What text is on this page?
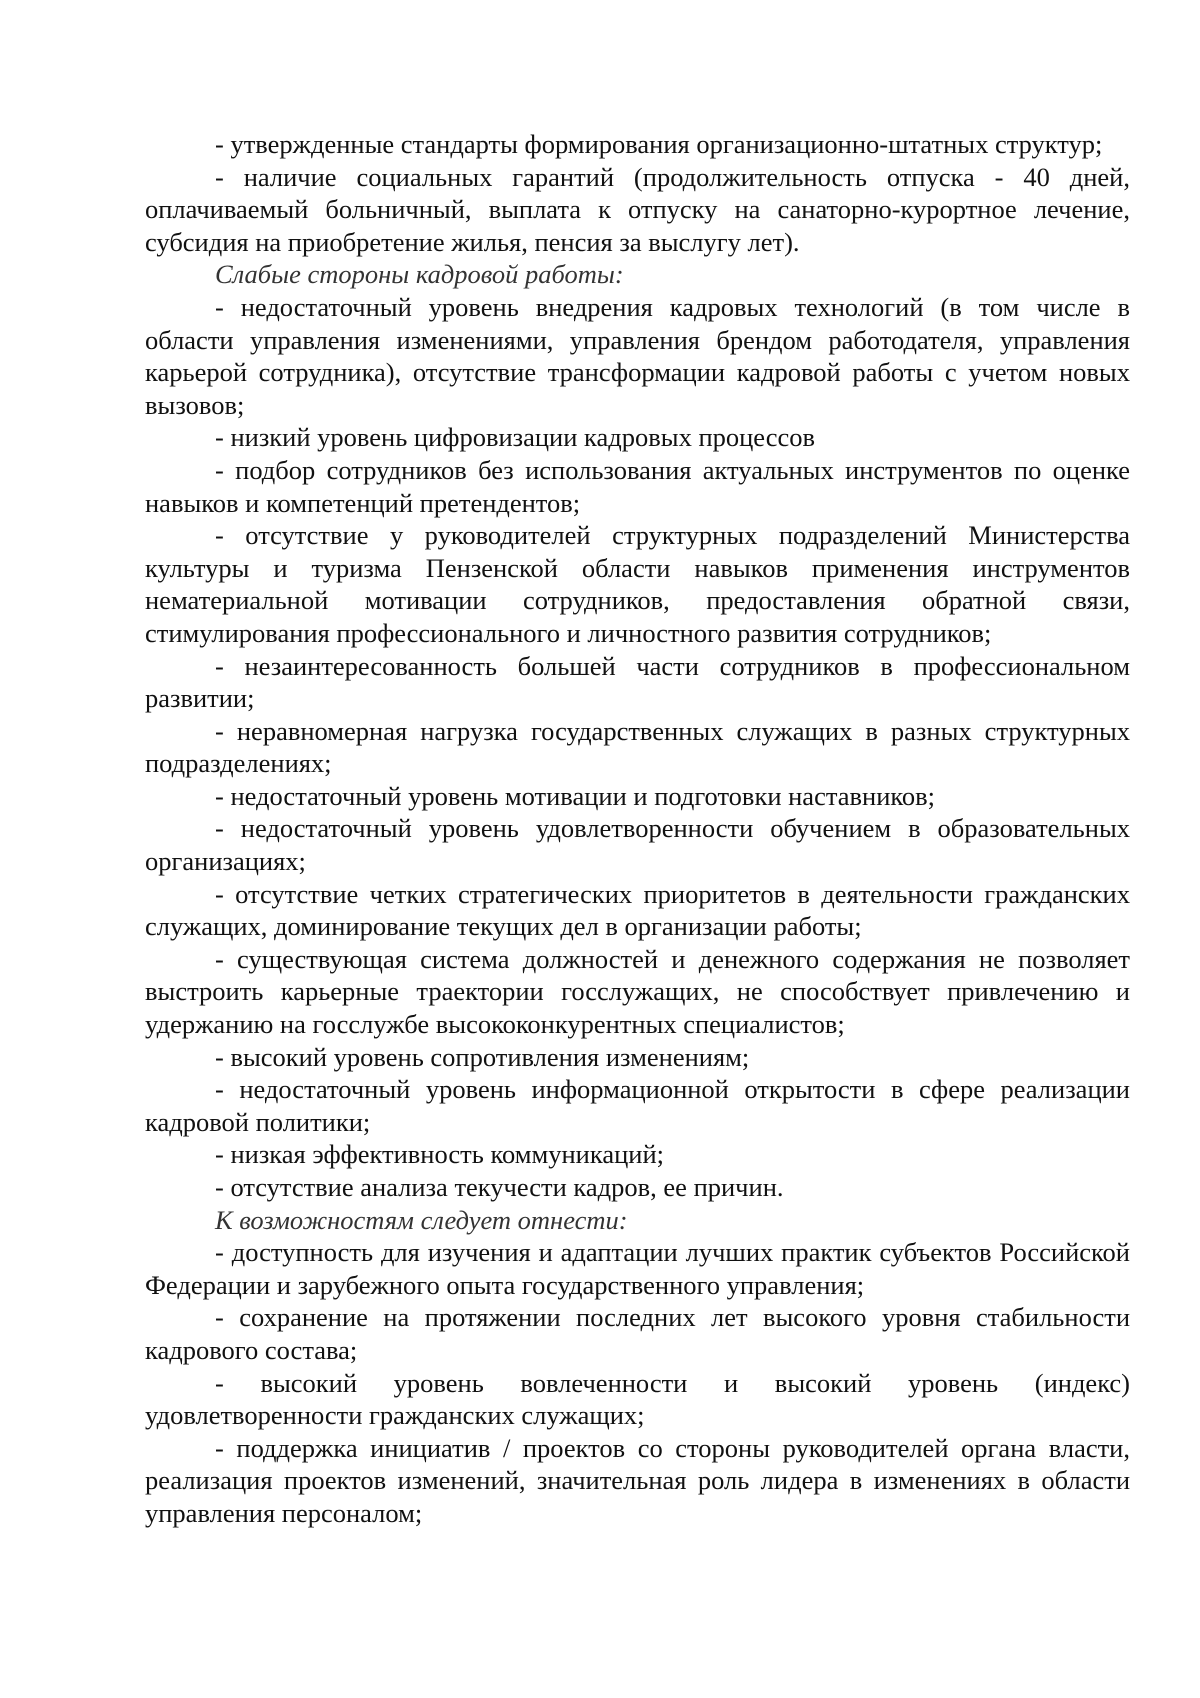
- утвержденные стандарты формирования организационно-штатных структур;

- наличие социальных гарантий (продолжительность отпуска - 40 дней, оплачиваемый больничный, выплата к отпуску на санаторно-курортное лечение, субсидия на приобретение жилья, пенсия за выслугу лет).

Слабые стороны кадровой работы:

- недостаточный уровень внедрения кадровых технологий (в том числе в области управления изменениями, управления брендом работодателя, управления карьерой сотрудника), отсутствие трансформации кадровой работы с учетом новых вызовов;

- низкий уровень цифровизации кадровых процессов

- подбор сотрудников без использования актуальных инструментов по оценке навыков и компетенций претендентов;

- отсутствие у руководителей структурных подразделений Министерства культуры и туризма Пензенской области навыков применения инструментов нематериальной мотивации сотрудников, предоставления обратной связи, стимулирования профессионального и личностного развития сотрудников;

- незаинтересованность большей части сотрудников в профессиональном развитии;

- неравномерная нагрузка государственных служащих в разных структурных подразделениях;

- недостаточный уровень мотивации и подготовки наставников;

- недостаточный уровень удовлетворенности обучением в образовательных организациях;

- отсутствие четких стратегических приоритетов в деятельности гражданских служащих, доминирование текущих дел в организации работы;

- существующая система должностей и денежного содержания не позволяет выстроить карьерные траектории госслужащих, не способствует привлечению и удержанию на госслужбе высококонкурентных специалистов;

- высокий уровень сопротивления изменениям;

- недостаточный уровень информационной открытости в сфере реализации кадровой политики;

- низкая эффективность коммуникаций;

- отсутствие анализа текучести кадров, ее причин.

К возможностям следует отнести:

- доступность для изучения и адаптации лучших практик субъектов Российской Федерации и зарубежного опыта государственного управления;

- сохранение на протяжении последних лет высокого уровня стабильности кадрового состава;

- высокий уровень вовлеченности и высокий уровень (индекс) удовлетворенности гражданских служащих;

- поддержка инициатив / проектов со стороны руководителей органа власти, реализация проектов изменений, значительная роль лидера в изменениях в области управления персоналом;
